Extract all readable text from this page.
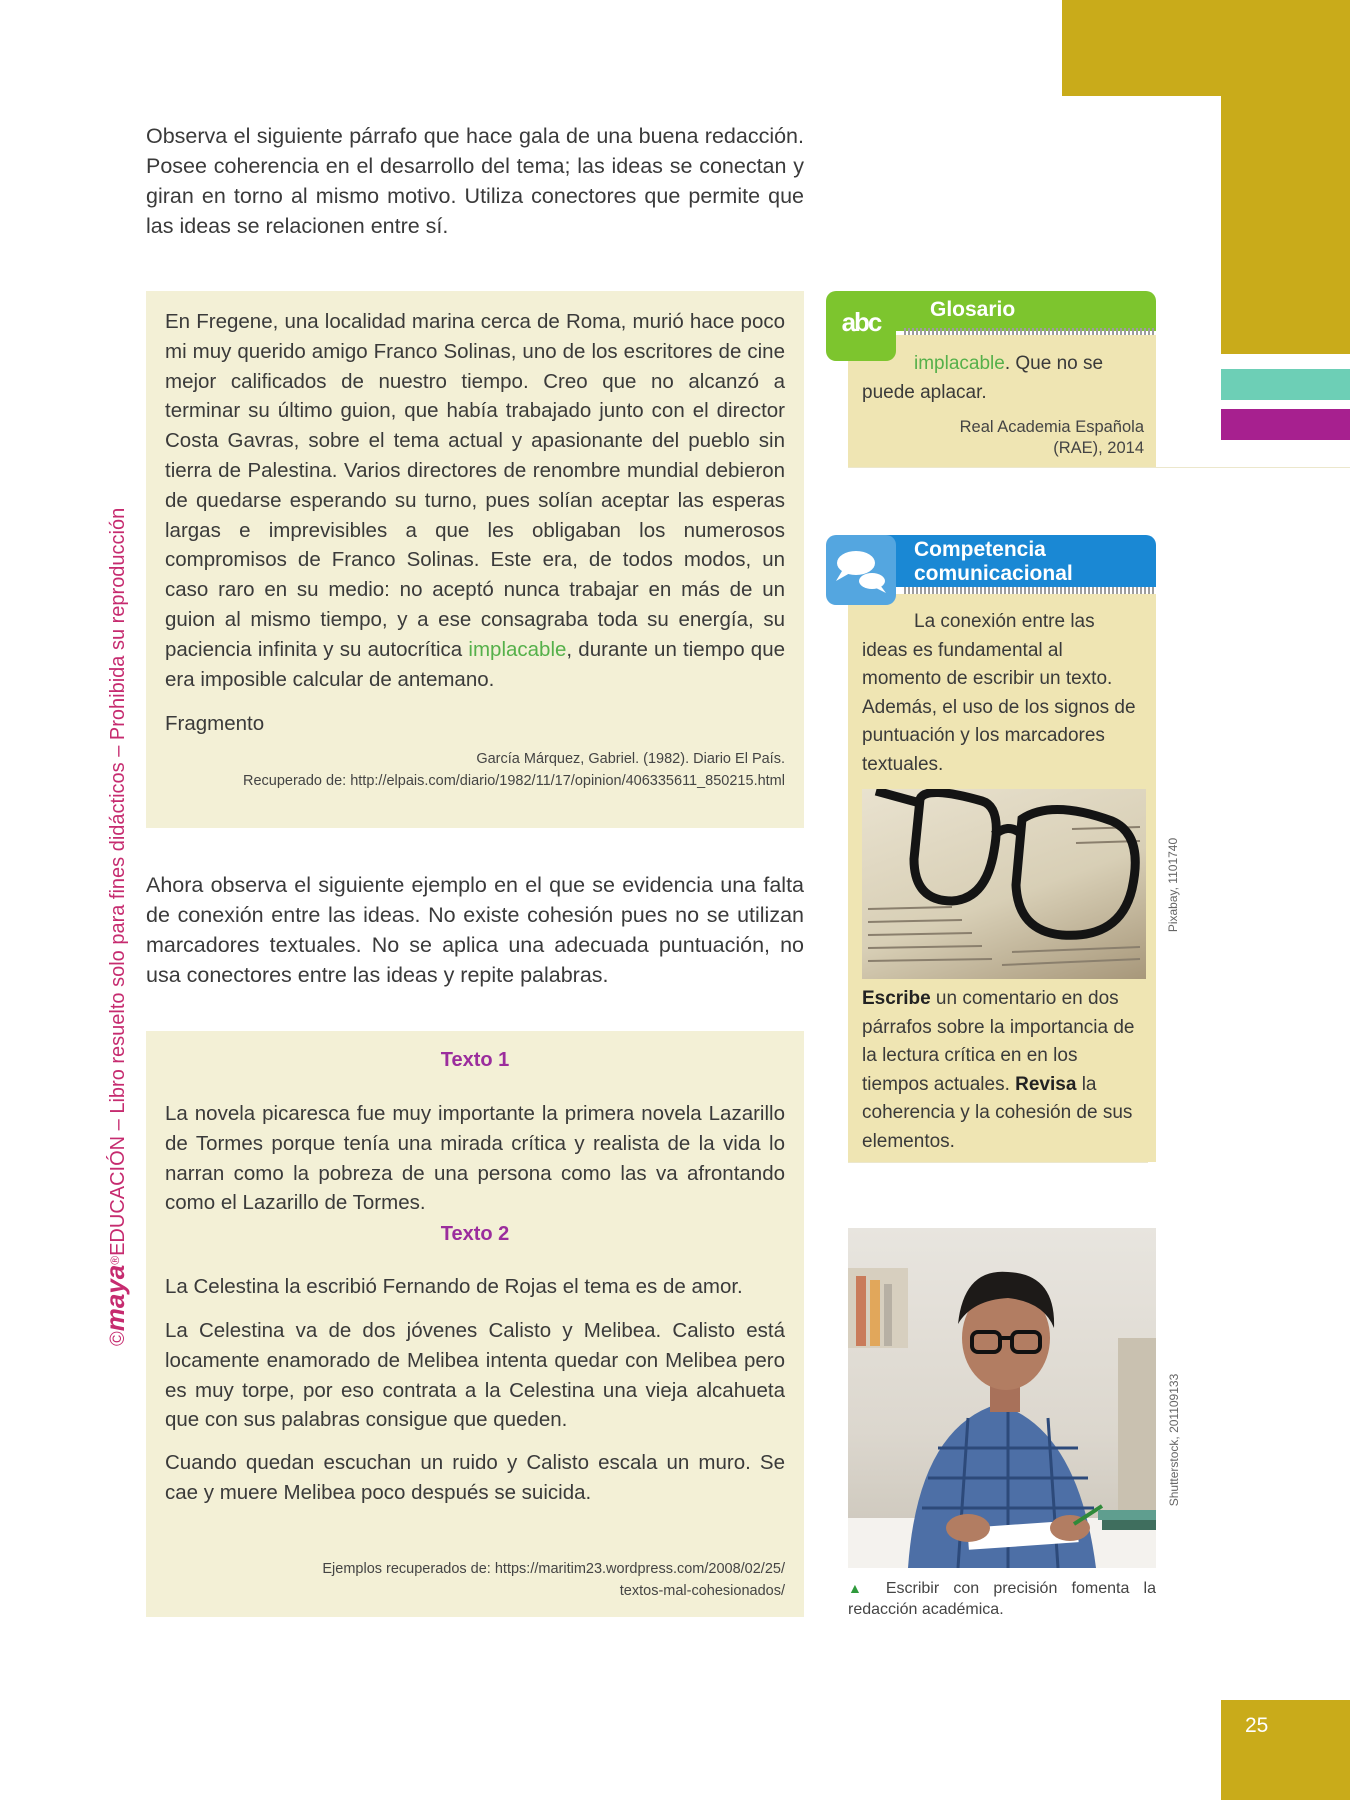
©maya®EDUCACIÓN – Libro resuelto solo para fines didácticos – Prohibida su reproducción

Observa el siguiente párrafo que hace gala de una buena redacción. Posee coherencia en el desarrollo del tema; las ideas se conectan y giran en torno al mismo motivo. Utiliza conectores que permite que las ideas se relacionen entre sí.

En Fregene, una localidad marina cerca de Roma, murió hace poco mi muy querido amigo Franco Solinas, uno de los escritores de cine mejor calificados de nuestro tiempo. Creo que no alcanzó a terminar su último guion, que había trabajado junto con el director Costa Gavras, sobre el tema actual y apasionante del pueblo sin tierra de Palestina. Varios directores de renombre mundial debieron de quedarse esperando su turno, pues solían aceptar las esperas largas e imprevisibles a que les obligaban los numerosos compromisos de Franco Solinas. Este era, de todos modos, un caso raro en su medio: no aceptó nunca trabajar en más de un guion al mismo tiempo, y a ese consagraba toda su energía, su paciencia infinita y su autocrítica implacable, durante un tiempo que era imposible calcular de antemano.

Fragmento

García Márquez, Gabriel. (1982). Diario El País.
Recuperado de: http://elpais.com/diario/1982/11/17/opinion/406335611_850215.html

Ahora observa el siguiente ejemplo en el que se evidencia una falta de conexión entre las ideas. No existe cohesión pues no se utilizan marcadores textuales. No se aplica una adecuada puntuación, no usa conectores entre las ideas y repite palabras.

Texto 1

La novela picaresca fue muy importante la primera novela Lazarillo de Tormes porque tenía una mirada crítica y realista de la vida lo narran como la pobreza de una persona como las va afrontando como el Lazarillo de Tormes.

Texto 2

La Celestina la escribió Fernando de Rojas el tema es de amor.

La Celestina va de dos jóvenes Calisto y Melibea. Calisto está locamente enamorado de Melibea intenta quedar con Melibea pero es muy torpe, por eso contrata a la Celestina una vieja alcahueta que con sus palabras consigue que queden.

Cuando quedan escuchan un ruido y Calisto escala un muro. Se cae y muere Melibea poco después se suicida.

Ejemplos recuperados de: https://maritim23.wordpress.com/2008/02/25/
textos-mal-cohesionados/
Glosario
implacable. Que no se puede aplacar.
Real Academia Española
(RAE), 2014
abc
Competencia
comunicacional
La conexión entre las ideas es fundamental al momento de escribir un texto. Además, el uso de los signos de puntuación y los marcadores textuales.
Escribe un comentario en dos párrafos sobre la importancia de la lectura crítica en en los tiempos actuales. Revisa la coherencia y la cohesión de sus elementos.
Pixabay, 1101740
Shutterstock, 201109133
▲ Escribir con precisión fomenta la redacción académica.
25
